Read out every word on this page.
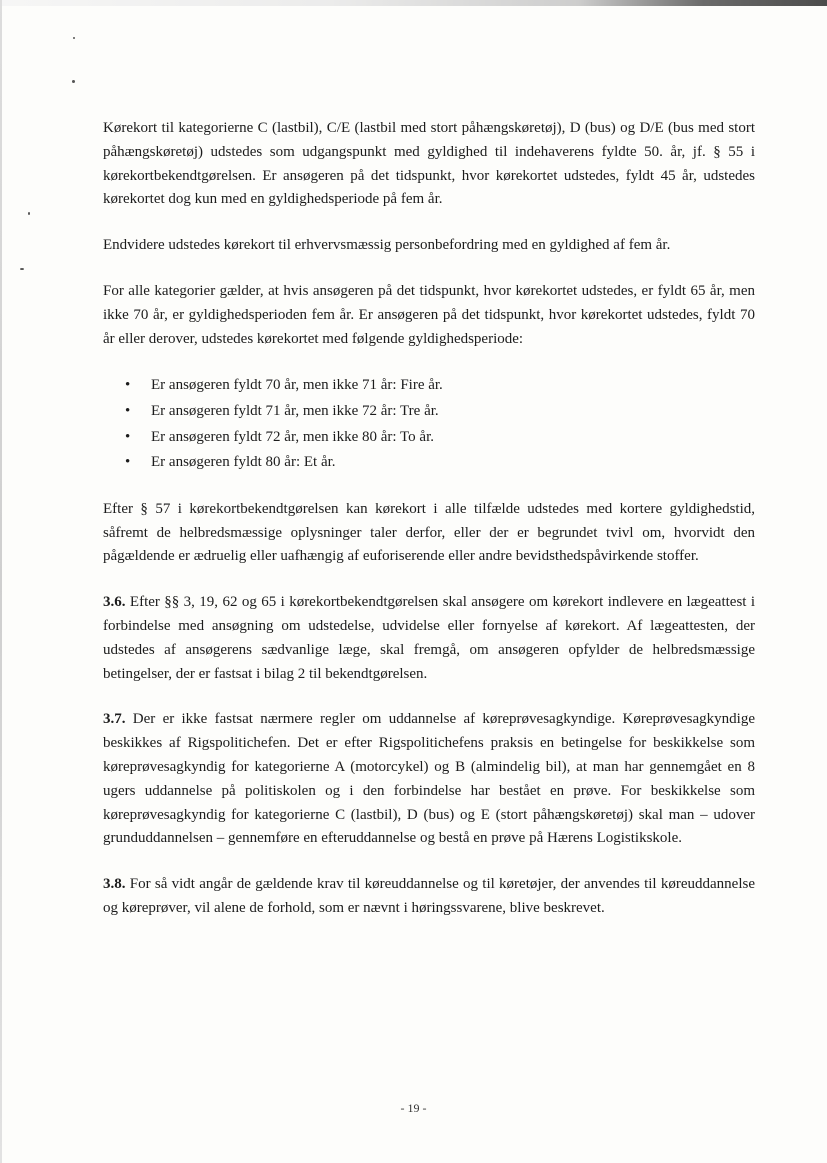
Kørekort til kategorierne C (lastbil), C/E (lastbil med stort påhængskøretøj), D (bus) og D/E (bus med stort påhængskøretøj) udstedes som udgangspunkt med gyldighed til indehaverens fyldte 50. år, jf. § 55 i kørekortbekendtgørelsen. Er ansøgeren på det tidspunkt, hvor kørekortet udstedes, fyldt 45 år, udstedes kørekortet dog kun med en gyldighedsperiode på fem år.

Endvidere udstedes kørekort til erhvervsmæssig personbefordring med en gyldighed af fem år.

For alle kategorier gælder, at hvis ansøgeren på det tidspunkt, hvor kørekortet udstedes, er fyldt 65 år, men ikke 70 år, er gyldighedsperioden fem år. Er ansøgeren på det tidspunkt, hvor kørekortet udstedes, fyldt 70 år eller derover, udstedes kørekortet med følgende gyldighedsperiode:

• Er ansøgeren fyldt 70 år, men ikke 71 år: Fire år.
• Er ansøgeren fyldt 71 år, men ikke 72 år: Tre år.
• Er ansøgeren fyldt 72 år, men ikke 80 år: To år.
• Er ansøgeren fyldt 80 år: Et år.

Efter § 57 i kørekortbekendtgørelsen kan kørekort i alle tilfælde udstedes med kortere gyldighedstid, såfremt de helbredsmæssige oplysninger taler derfor, eller der er begrundet tvivl om, hvorvidt den pågældende er ædruelig eller uafhængig af euforiserende eller andre bevidsthedspåvirkende stoffer.

3.6. Efter §§ 3, 19, 62 og 65 i kørekortbekendtgørelsen skal ansøgere om kørekort indlevere en lægeattest i forbindelse med ansøgning om udstedelse, udvidelse eller fornyelse af kørekort. Af lægeattesten, der udstedes af ansøgerens sædvanlige læge, skal fremgå, om ansøgeren opfylder de helbredsmæssige betingelser, der er fastsat i bilag 2 til bekendtgørelsen.

3.7. Der er ikke fastsat nærmere regler om uddannelse af køreprøvesagkyndige. Køreprøvesagkyndige beskikkes af Rigspolitichefen. Det er efter Rigspolitichefens praksis en betingelse for beskikkelse som køreprøvesagkyndig for kategorierne A (motorcykel) og B (almindelig bil), at man har gennemgået en 8 ugers uddannelse på politiskolen og i den forbindelse har bestået en prøve. For beskikkelse som køreprøvesagkyndig for kategorierne C (lastbil), D (bus) og E (stort påhængskøretøj) skal man – udover grunduddannelsen – gennemføre en efteruddannelse og bestå en prøve på Hærens Logistikskole.

3.8. For så vidt angår de gældende krav til køreuddannelse og til køretøjer, der anvendes til køreuddannelse og køreprøver, vil alene de forhold, som er nævnt i høringssvarene, blive beskrevet.

- 19 -
